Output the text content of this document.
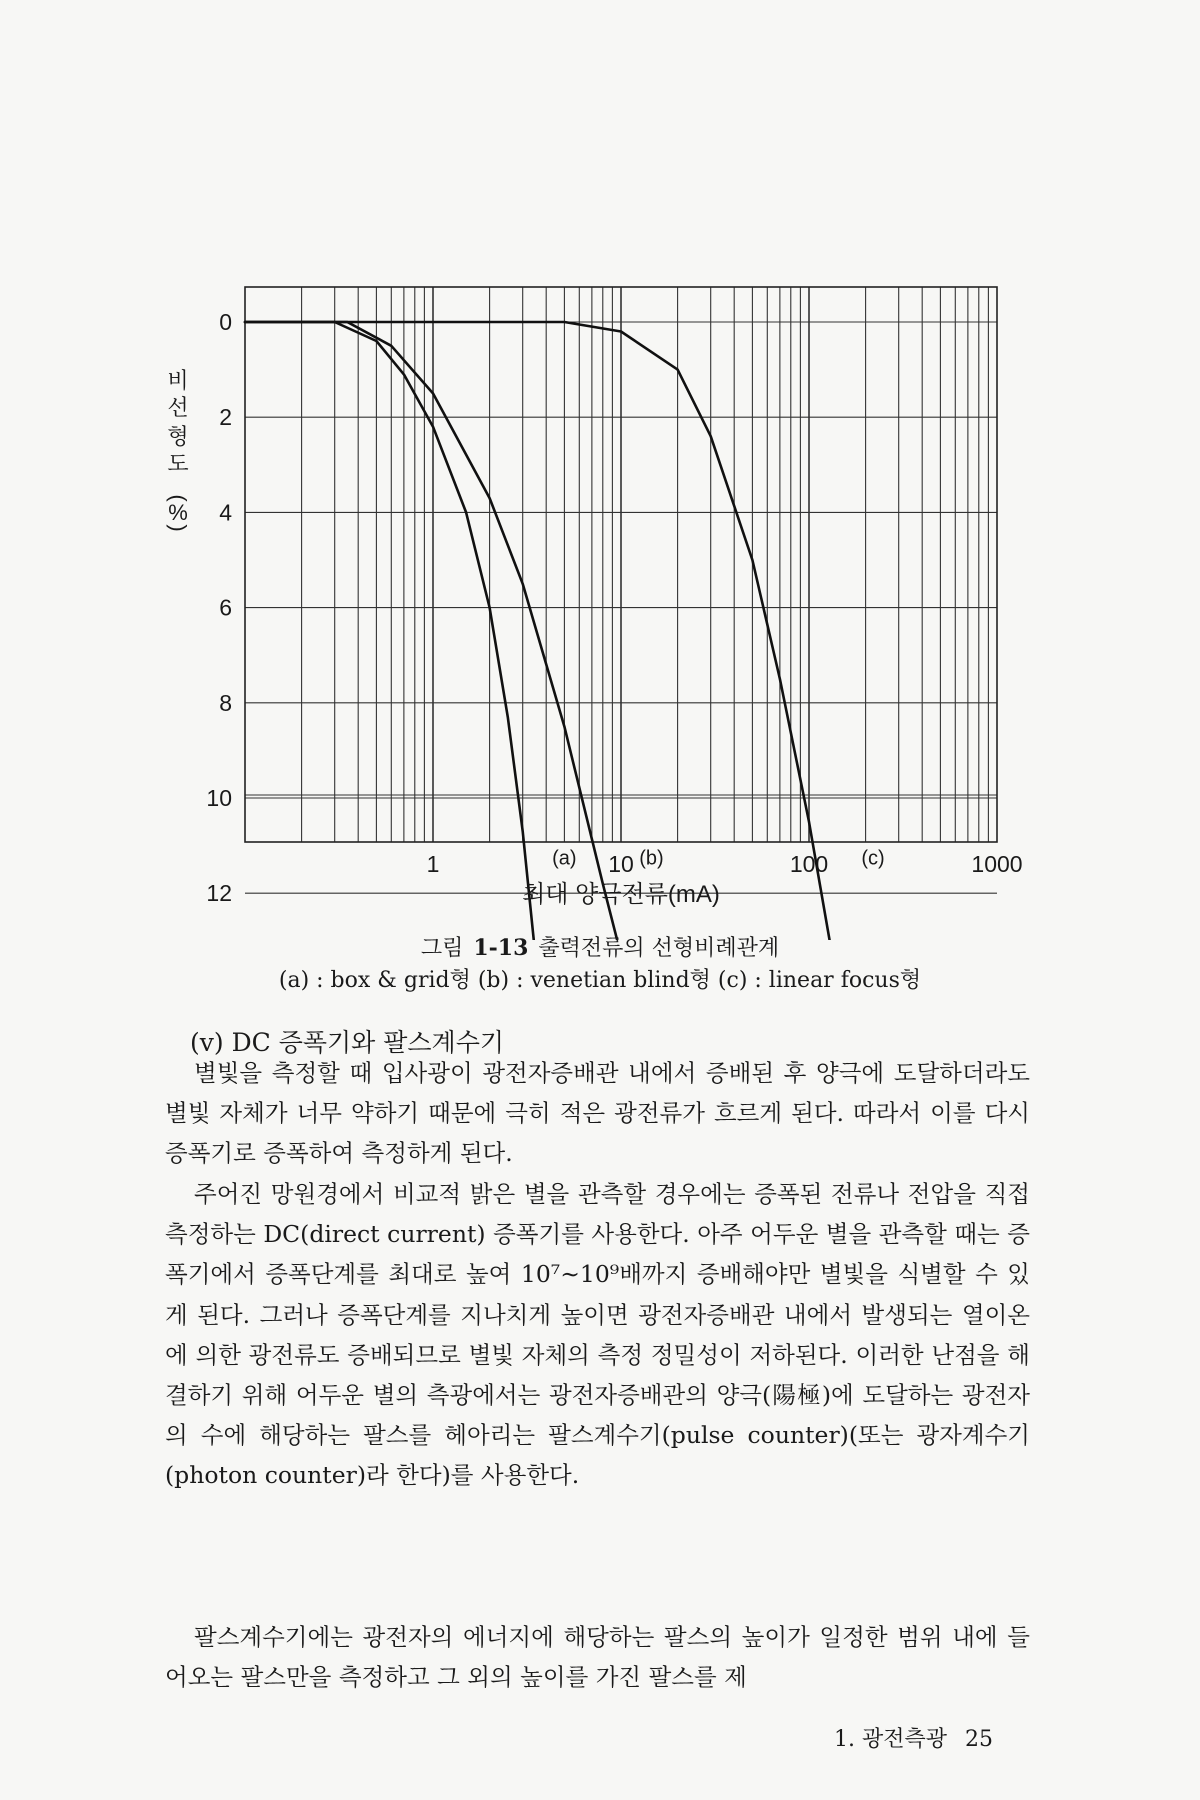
0
2
4
6
8
10
12
1	10	100	1000
(a)	(b)	(c)
비
선
형
도
(
%
)
최대 양극전류(mA)
그림 1-13 출력전류의 선형비례관계
(a) : box & grid형 (b) : venetian blind형 (c) : linear focus형
(v) DC 증폭기와 팔스계수기

별빛을 측정할 때 입사광이 광전자증배관 내에서 증배된 후 양극에 도달하더라도 별빛 자체가 너무 약하기 때문에 극히 적은 광전류가 흐르게 된다. 따라서 이를 다시 증폭기로 증폭하여 측정하게 된다.

주어진 망원경에서 비교적 밝은 별을 관측할 경우에는 증폭된 전류나 전압을 직접 측정하는 DC(direct current) 증폭기를 사용한다. 아주 어두운 별을 관측할 때는 증폭기에서 증폭단계를 최대로 높여 10⁷∼10⁹배까지 증배해야만 별빛을 식별할 수 있게 된다. 그러나 증폭단계를 지나치게 높이면 광전자증배관 내에서 발생되는 열이온에 의한 광전류도 증배되므로 별빛 자체의 측정 정밀성이 저하된다. 이러한 난점을 해결하기 위해 어두운 별의 측광에서는 광전자증배관의 양극(陽極)에 도달하는 광전자의 수에 해당하는 팔스를 헤아리는 팔스계수기(pulse counter)(또는 광자계수기(photon counter)라 한다)를 사용한다.

팔스계수기에는 광전자의 에너지에 해당하는 팔스의 높이가 일정한 범위 내에 들어오는 팔스만을 측정하고 그 외의 높이를 가진 팔스를 제

1. 광전측광 25
